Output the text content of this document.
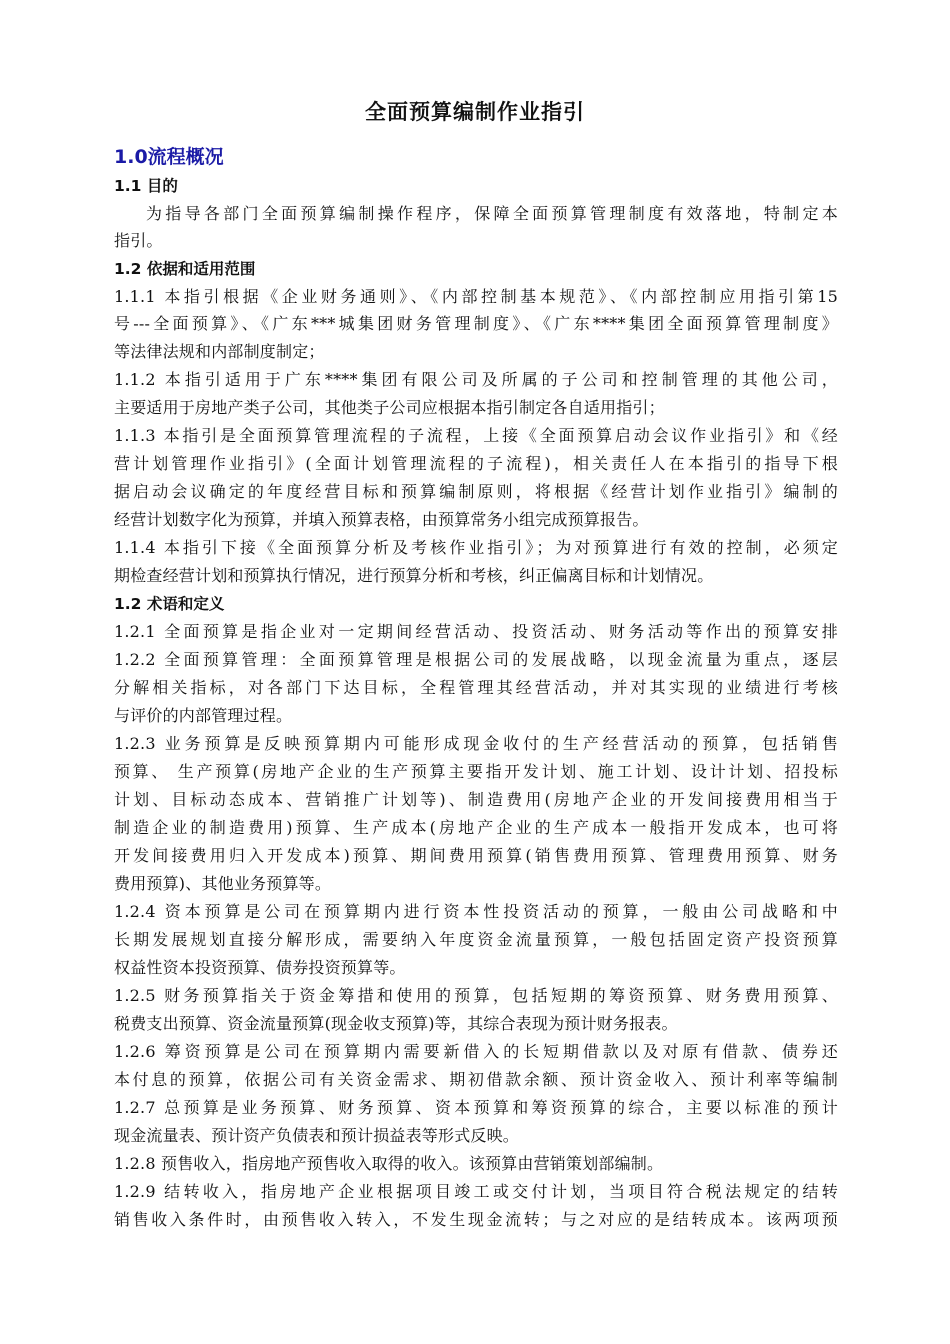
全面预算编制作业指引
1.0流程概况
1.1 目的
为指导各部门全面预算编制操作程序，保障全面预算管理制度有效落地，特制定本
指引。
1.2 依据和适用范围
1.1.1 本指引根据《企业财务通则》、《内部控制基本规范》、《内部控制应用指引第15
号---全面预算》、《广东***城集团财务管理制度》、《广东****集团全面预算管理制度》
等法律法规和内部制度制定；
1.1.2 本指引适用于广东****集团有限公司及所属的子公司和控制管理的其他公司，
主要适用于房地产类子公司，其他类子公司应根据本指引制定各自适用指引；
1.1.3 本指引是全面预算管理流程的子流程，上接《全面预算启动会议作业指引》和《经
营计划管理作业指引》(全面计划管理流程的子流程)，相关责任人在本指引的指导下根
据启动会议确定的年度经营目标和预算编制原则，将根据《经营计划作业指引》编制的
经营计划数字化为预算，并填入预算表格，由预算常务小组完成预算报告。
1.1.4 本指引下接《全面预算分析及考核作业指引》；为对预算进行有效的控制，必须定
期检查经营计划和预算执行情况，进行预算分析和考核，纠正偏离目标和计划情况。
1.2 术语和定义
1.2.1 全面预算是指企业对一定期间经营活动、投资活动、财务活动等作出的预算安排
1.2.2 全面预算管理：全面预算管理是根据公司的发展战略，以现金流量为重点，逐层
分解相关指标，对各部门下达目标，全程管理其经营活动，并对其实现的业绩进行考核
与评价的内部管理过程。
1.2.3 业务预算是反映预算期内可能形成现金收付的生产经营活动的预算，包括销售
预算、 生产预算(房地产企业的生产预算主要指开发计划、施工计划、设计计划、招投标
计划、目标动态成本、营销推广计划等)、制造费用(房地产企业的开发间接费用相当于
制造企业的制造费用)预算、生产成本(房地产企业的生产成本一般指开发成本，也可将
开发间接费用归入开发成本)预算、期间费用预算(销售费用预算、管理费用预算、财务
费用预算)、其他业务预算等。
1.2.4 资本预算是公司在预算期内进行资本性投资活动的预算，一般由公司战略和中
长期发展规划直接分解形成，需要纳入年度资金流量预算，一般包括固定资产投资预算
权益性资本投资预算、债券投资预算等。
1.2.5 财务预算指关于资金筹措和使用的预算，包括短期的筹资预算、财务费用预算、
税费支出预算、资金流量预算(现金收支预算)等，其综合表现为预计财务报表。
1.2.6 筹资预算是公司在预算期内需要新借入的长短期借款以及对原有借款、债券还
本付息的预算，依据公司有关资金需求、期初借款余额、预计资金收入、预计利率等编制
1.2.7 总预算是业务预算、财务预算、资本预算和筹资预算的综合，主要以标准的预计
现金流量表、预计资产负债表和预计损益表等形式反映。
1.2.8 预售收入，指房地产预售收入取得的收入。该预算由营销策划部编制。
1.2.9 结转收入，指房地产企业根据项目竣工或交付计划，当项目符合税法规定的结转
销售收入条件时，由预售收入转入，不发生现金流转；与之对应的是结转成本。该两项预
